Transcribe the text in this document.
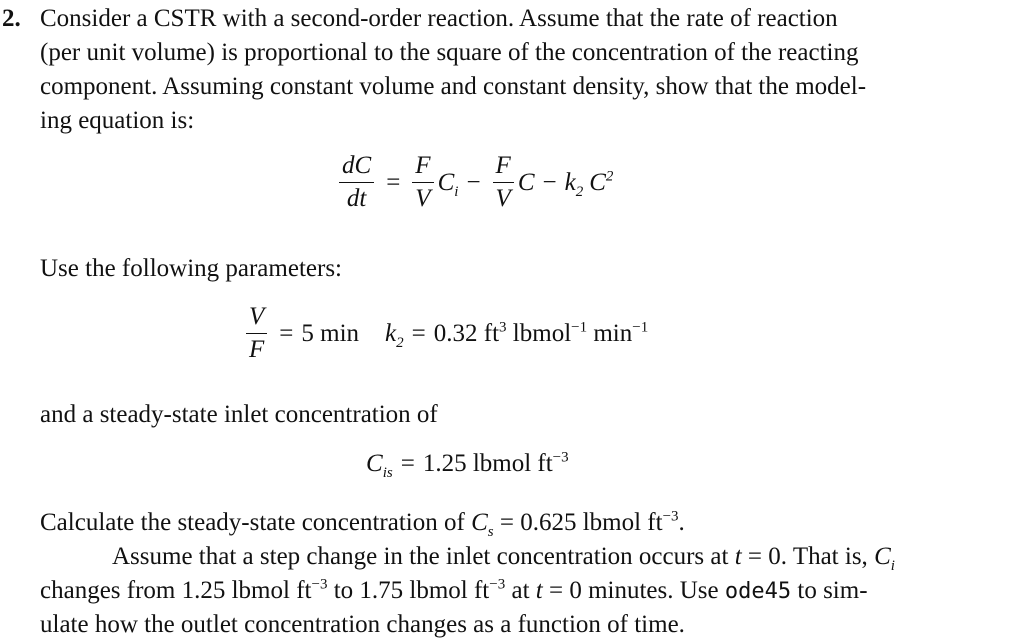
2. Consider a CSTR with a second-order reaction. Assume that the rate of reaction
(per unit volume) is proportional to the square of the concentration of the reacting
component. Assuming constant volume and constant density, show that the model-
ing equation is:
$\frac{dC}{dt} = \frac{F}{V} C_i - \frac{F}{V}$ $C - k_2$ $C^2$
Use the following parameters:
$\frac{V}{F} = 5$ $\min k_2 = 0.32$ $ft^3$ lbmol$^{-1}$ $\min^{-1}$
and a steady-state inlet concentration of
$C_{is} = 1.25$ lbmol $ft^{-3}$
Calculate the steady-state concentration of $C_s = 0.625$ lbmol $ft^{-3}$.
Assume that a step change in the inlet concentration occurs at t = 0. That is, $C_i$
changes from 1.25 lbmol $ft^{-3}$ to 1.75 lbmol $ft^{-3}$ at t = 0 minutes. Use ode45 to sim-
ulate how the outlet concentration changes as a function of time.
